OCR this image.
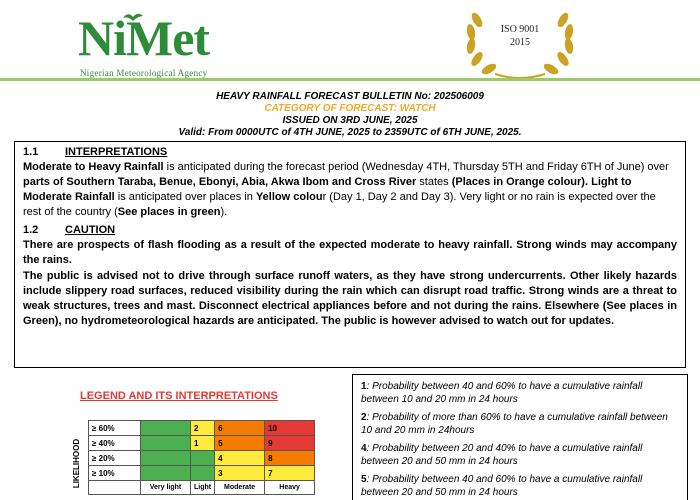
NiMet
Nigerian Meteorological Agency
ISO 9001
2015
HEAVY RAINFALL FORECAST BULLETIN No: 202506009
CATEGORY OF FORECAST: WATCH
ISSUED ON 3RD JUNE, 2025
Valid: From 0000UTC of 4TH JUNE, 2025 to 2359UTC of 6TH JUNE, 2025.
1.1 INTERPRETATIONS
Moderate to Heavy Rainfall is anticipated during the forecast period (Wednesday 4TH, Thursday 5TH and Friday 6TH of June) over parts of Southern Taraba, Benue, Ebonyi, Abia, Akwa Ibom and Cross River states (Places in Orange colour). Light to Moderate Rainfall is anticipated over places in Yellow colour (Day 1, Day 2 and Day 3). Very light or no rain is expected over the rest of the country (See places in green).
1.2 CAUTION
There are prospects of flash flooding as a result of the expected moderate to heavy rainfall. Strong winds may accompany the rains.
The public is advised not to drive through surface runoff waters, as they have strong undercurrents. Other likely hazards include slippery road surfaces, reduced visibility during the rain which can disrupt road traffic. Strong winds are a threat to weak structures, trees and mast. Disconnect electrical appliances before and not during the rains. Elsewhere (See places in Green), no hydrometeorological hazards are anticipated. The public is however advised to watch out for updates.
LEGEND AND ITS INTERPRETATIONS
LIKELIHOOD
≥ 60%		2	6	10
≥ 40%		1	5	9
≥ 20%			4	8
≥ 10%			3	7
	Very light	Light	Moderate	Heavy
1: Probability between 40 and 60% to have a cumulative rainfall between 10 and 20 mm in 24 hours
2: Probability of more than 60% to have a cumulative rainfall between 10 and 20 mm in 24hours
4: Probability between 20 and 40% to have a cumulative rainfall between 20 and 50 mm in 24 hours
5: Probability between 40 and 60% to have a cumulative rainfall between 20 and 50 mm in 24 hours
